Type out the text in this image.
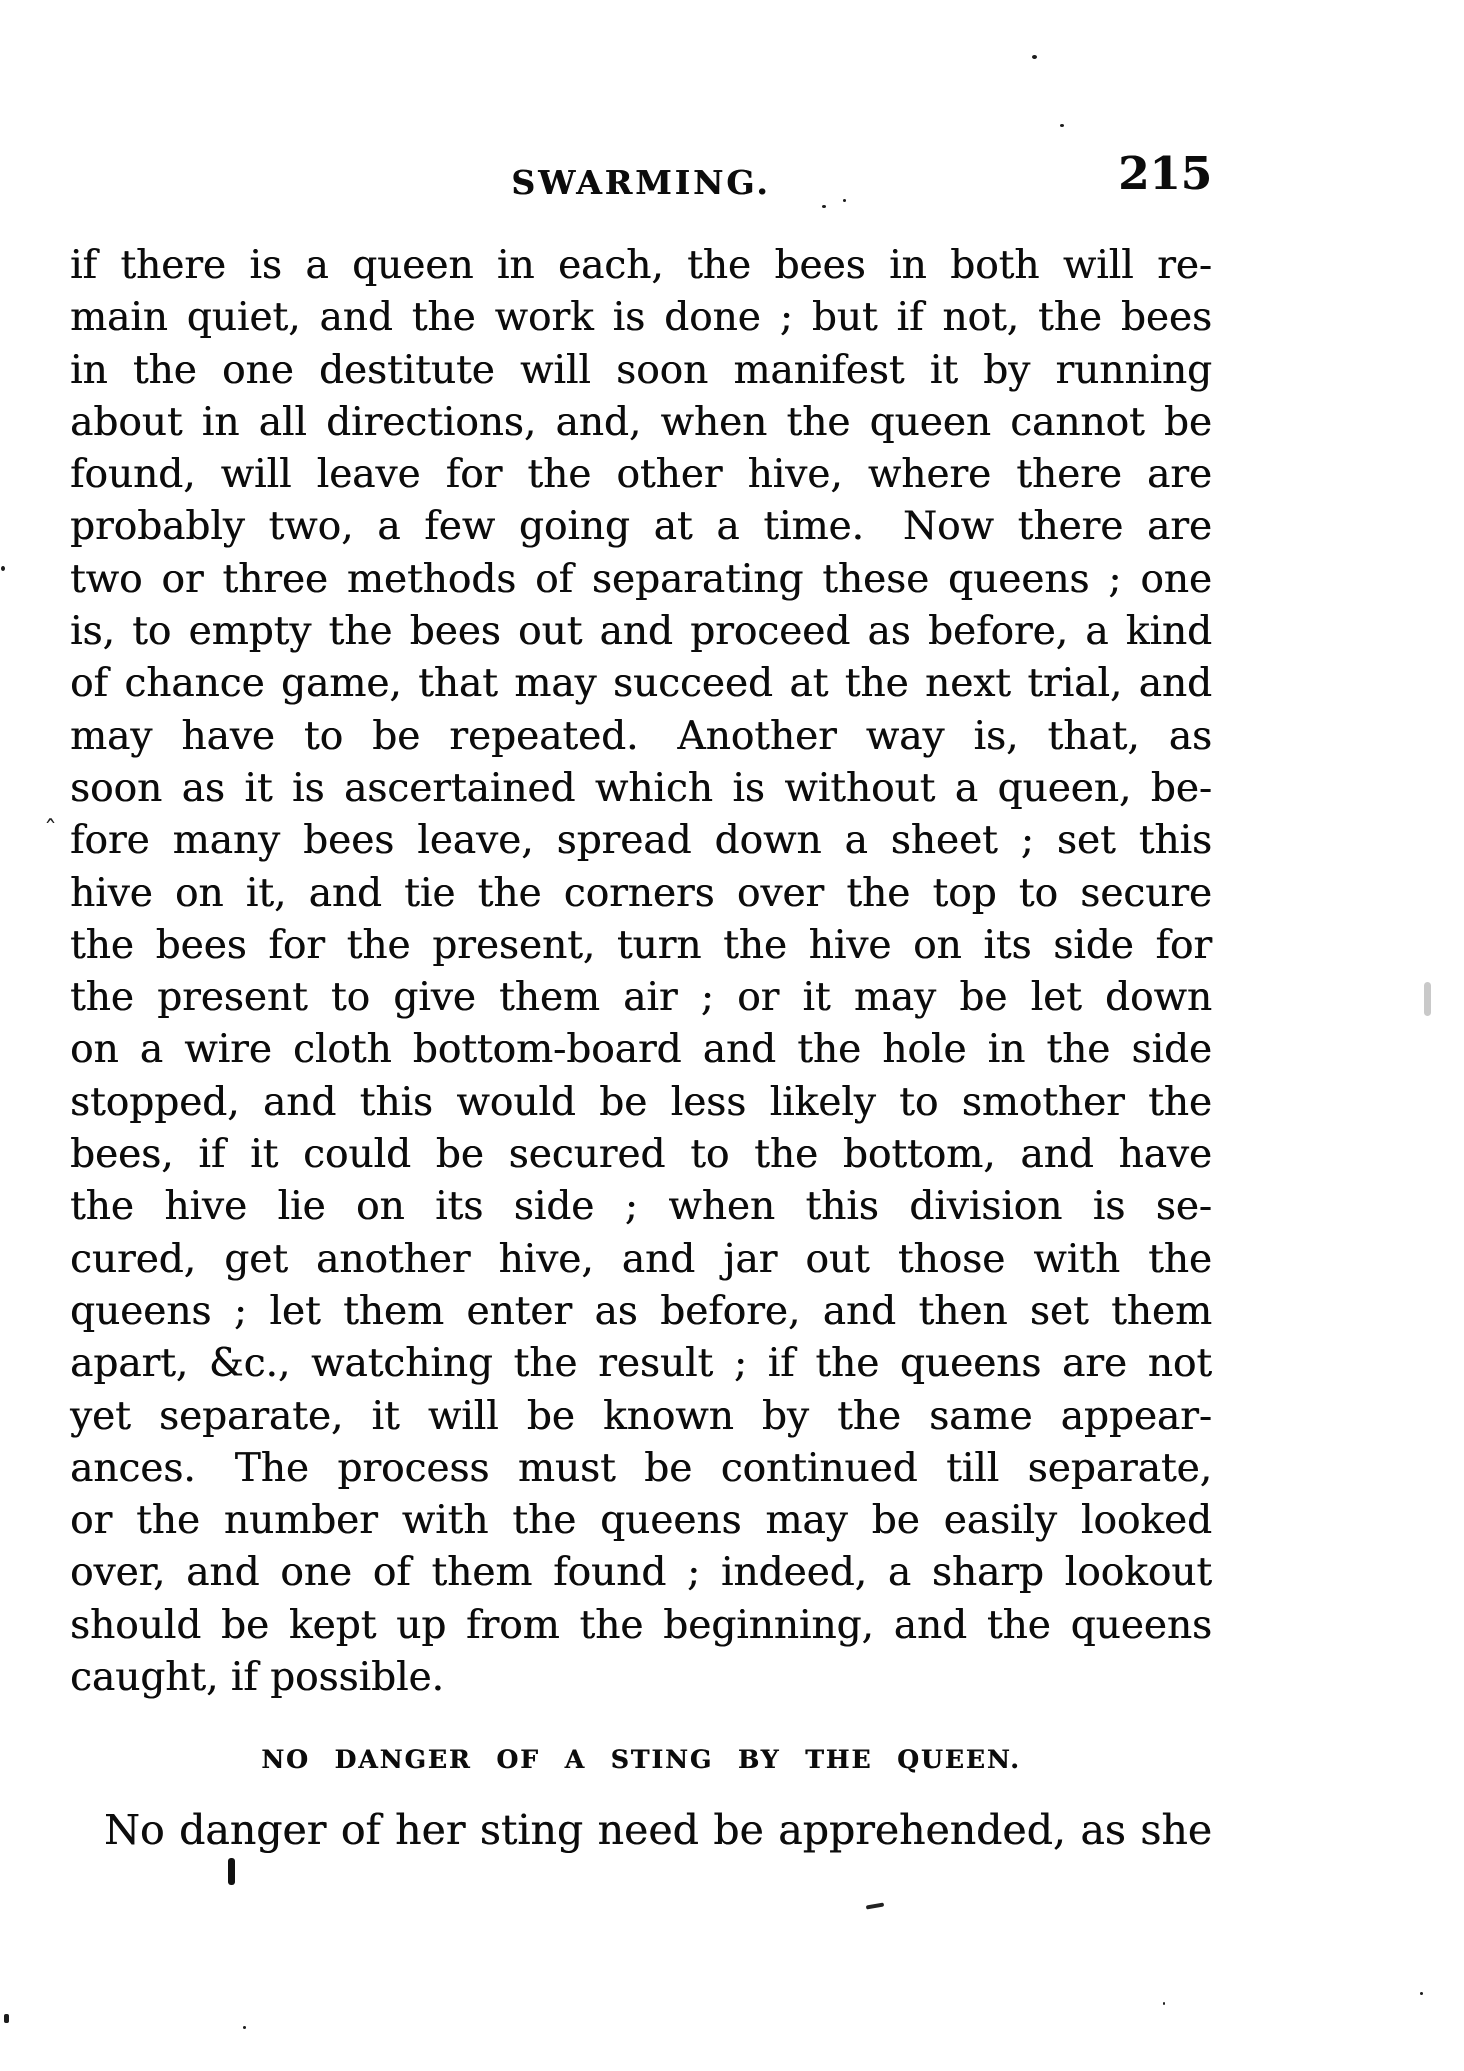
SWARMING.	215
if there is a queen in each, the bees in both will re-
main quiet, and the work is done ; but if not, the bees
in the one destitute will soon manifest it by running
about in all directions, and, when the queen cannot be
found, will leave for the other hive, where there are
probably two, a few going at a time. Now there are
two or three methods of separating these queens ; one
is, to empty the bees out and proceed as before, a kind
of chance game, that may succeed at the next trial, and
may have to be repeated. Another way is, that, as
soon as it is ascertained which is without a queen, be-
fore many bees leave, spread down a sheet ; set this
hive on it, and tie the corners over the top to secure
the bees for the present, turn the hive on its side for
the present to give them air ; or it may be let down
on a wire cloth bottom-board and the hole in the side
stopped, and this would be less likely to smother the
bees, if it could be secured to the bottom, and have
the hive lie on its side ; when this division is se-
cured, get another hive, and jar out those with the
queens ; let them enter as before, and then set them
apart, &c., watching the result ; if the queens are not
yet separate, it will be known by the same appear-
ances. The process must be continued till separate,
or the number with the queens may be easily looked
over, and one of them found ; indeed, a sharp lookout
should be kept up from the beginning, and the queens
caught, if possible.
NO DANGER OF A STING BY THE QUEEN.
No danger of her sting need be apprehended, as she
ˆ
